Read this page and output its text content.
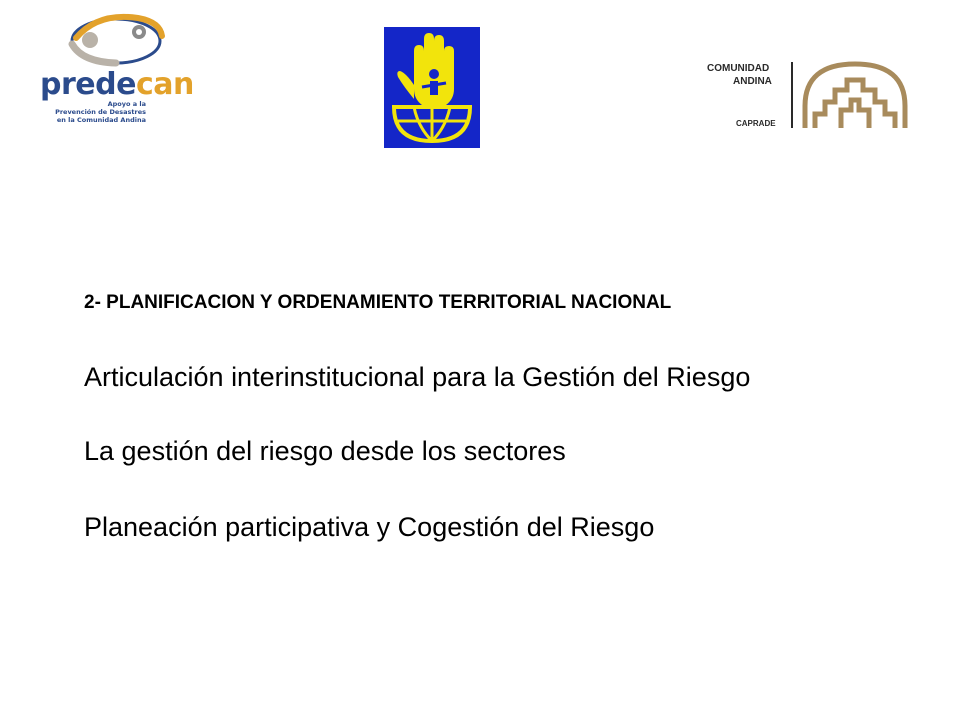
predecan
Apoyo a la
Prevención de Desastres
en la Comunidad Andina
COMUNIDAD
ANDINA
CAPRADE
2- PLANIFICACION Y ORDENAMIENTO TERRITORIAL NACIONAL
Articulación interinstitucional para la Gestión del Riesgo
La gestión del riesgo desde los sectores
Planeación participativa y Cogestión del Riesgo
